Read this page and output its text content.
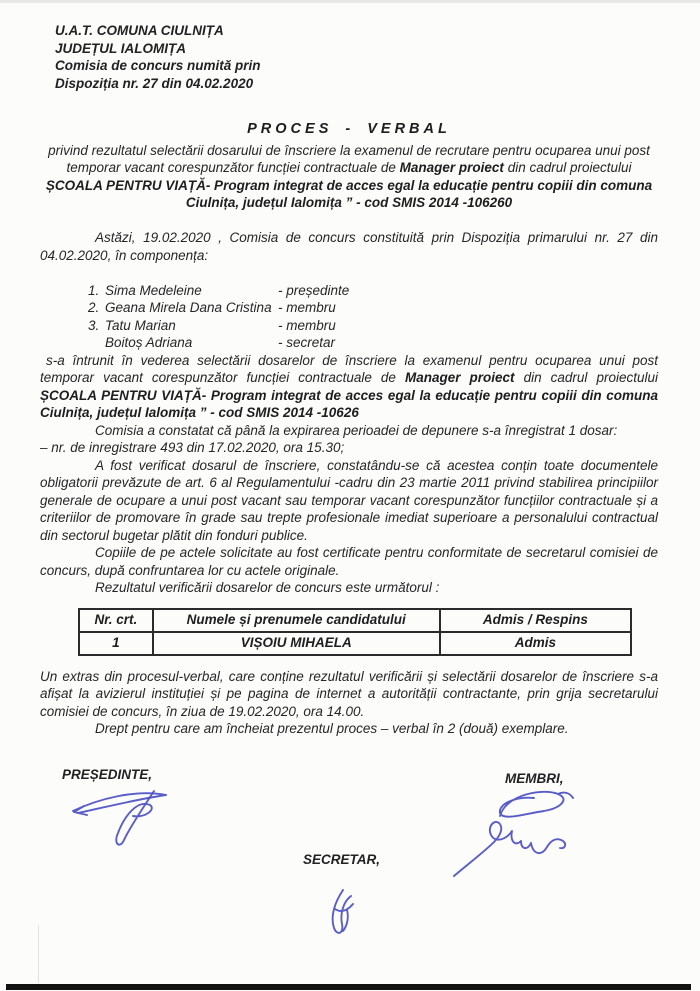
U.A.T. COMUNA CIULNIȚA
JUDEȚUL IALOMIȚA
Comisia de concurs numită prin
Dispoziția nr. 27 din 04.02.2020
PROCES - VERBAL
privind rezultatul selectării dosarului de înscriere la examenul de recrutare pentru ocuparea unui post
temporar vacant corespunzător funcției contractuale de Manager proiect din cadrul proiectului
ȘCOALA PENTRU VIAȚĂ- Program integrat de acces egal la educație pentru copiii din comuna
Ciulnița, județul Ialomița ” - cod SMIS 2014 -106260
Astăzi, 19.02.2020 , Comisia de concurs constituită prin Dispoziția primarului nr. 27 din 04.02.2020, în componența:
1. Sima Medeleine	- președinte
2. Geana Mirela Dana Cristina - membru
3. Tatu Marian	- membru
Boitoș Adriana	- secretar
s-a întrunit în vederea selectării dosarelor de înscriere la examenul pentru ocuparea unui post temporar vacant corespunzător funcției contractuale de Manager proiect din cadrul proiectului ȘCOALA PENTRU VIAȚĂ- Program integrat de acces egal la educație pentru copiii din comuna Ciulnița, județul Ialomița ” - cod SMIS 2014 -10626
Comisia a constatat că până la expirarea perioadei de depunere s-a înregistrat 1 dosar:
– nr. de inregistrare 493 din 17.02.2020, ora 15.30;
A fost verificat dosarul de înscriere, constatându-se că acestea conțin toate documentele obligatorii prevăzute de art. 6 al Regulamentului -cadru din 23 martie 2011 privind stabilirea principiilor generale de ocupare a unui post vacant sau temporar vacant corespunzător funcțiilor contractuale și a criteriilor de promovare în grade sau trepte profesionale imediat superioare a personalului contractual din sectorul bugetar plătit din fonduri publice.
Copiile de pe actele solicitate au fost certificate pentru conformitate de secretarul comisiei de concurs, după confruntarea lor cu actele originale.
Rezultatul verificării dosarelor de concurs este următorul :
Nr. crt.	Numele și prenumele candidatului	Admis / Respins
1	VIȘOIU MIHAELA	Admis
Un extras din procesul-verbal, care conține rezultatul verificării și selectării dosarelor de înscriere s-a afișat la avizierul instituției și pe pagina de internet a autorității contractante, prin grija secretarului comisiei de concurs, în ziua de 19.02.2020, ora 14.00.
Drept pentru care am încheiat prezentul proces – verbal în 2 (două) exemplare.
PREȘEDINTE,	MEMBRI,
SECRETAR,
